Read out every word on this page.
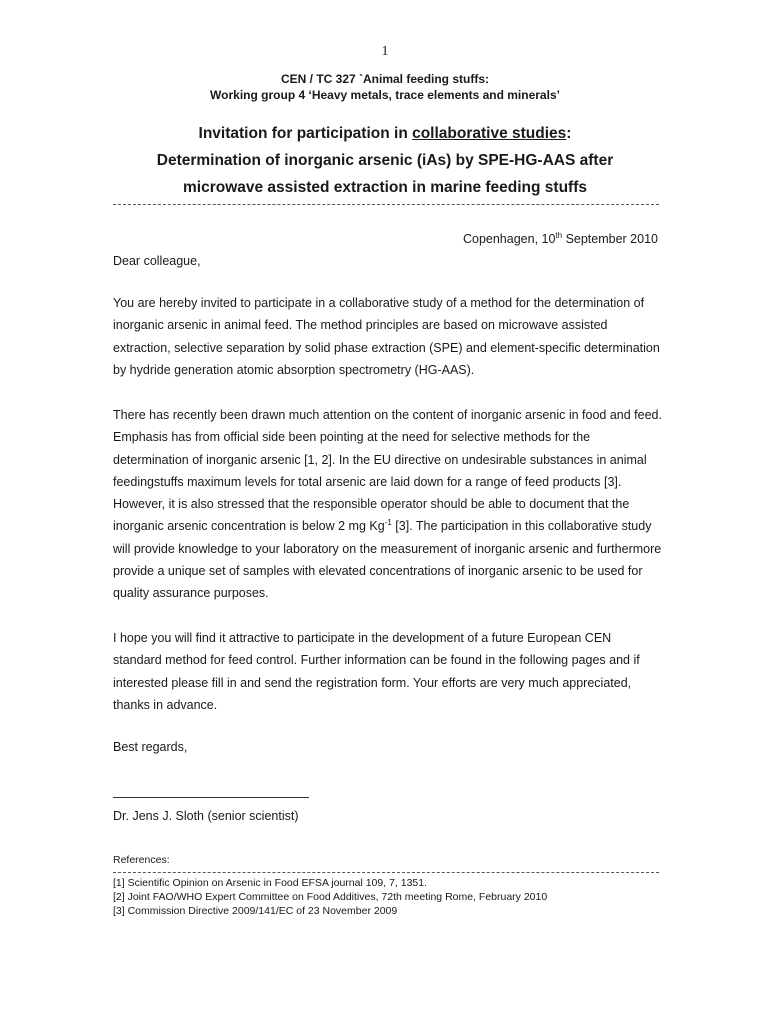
1
CEN / TC 327 `Animal feeding stuffs:
Working group 4 ‘Heavy metals, trace elements and minerals’
Invitation for participation in collaborative studies:
Determination of inorganic arsenic (iAs) by SPE-HG-AAS after
microwave assisted extraction in marine feeding stuffs
Copenhagen, 10th September 2010
Dear colleague,

You are hereby invited to participate in a collaborative study of a method for the determination of inorganic arsenic in animal feed. The method principles are based on microwave assisted extraction, selective separation by solid phase extraction (SPE) and element-specific determination by hydride generation atomic absorption spectrometry (HG-AAS).

There has recently been drawn much attention on the content of inorganic arsenic in food and feed. Emphasis has from official side been pointing at the need for selective methods for the determination of inorganic arsenic [1, 2]. In the EU directive on undesirable substances in animal feedingstuffs maximum levels for total arsenic are laid down for a range of feed products [3]. However, it is also stressed that the responsible operator should be able to document that the inorganic arsenic concentration is below 2 mg $Kg^{-1}$ [3]. The participation in this collaborative study will provide knowledge to your laboratory on the measurement of inorganic arsenic and furthermore provide a unique set of samples with elevated concentrations of inorganic arsenic to be used for quality assurance purposes.

I hope you will find it attractive to participate in the development of a future European CEN standard method for feed control. Further information can be found in the following pages and if interested please fill in and send the registration form. Your efforts are very much appreciated, thanks in advance.

Best regards,
Dr. Jens J. Sloth (senior scientist)
References:
[1] Scientific Opinion on Arsenic in Food EFSA journal 109, 7, 1351.
[2] Joint FAO/WHO Expert Committee on Food Additives, 72th meeting Rome, February 2010
[3] Commission Directive 2009/141/EC of 23 November 2009
